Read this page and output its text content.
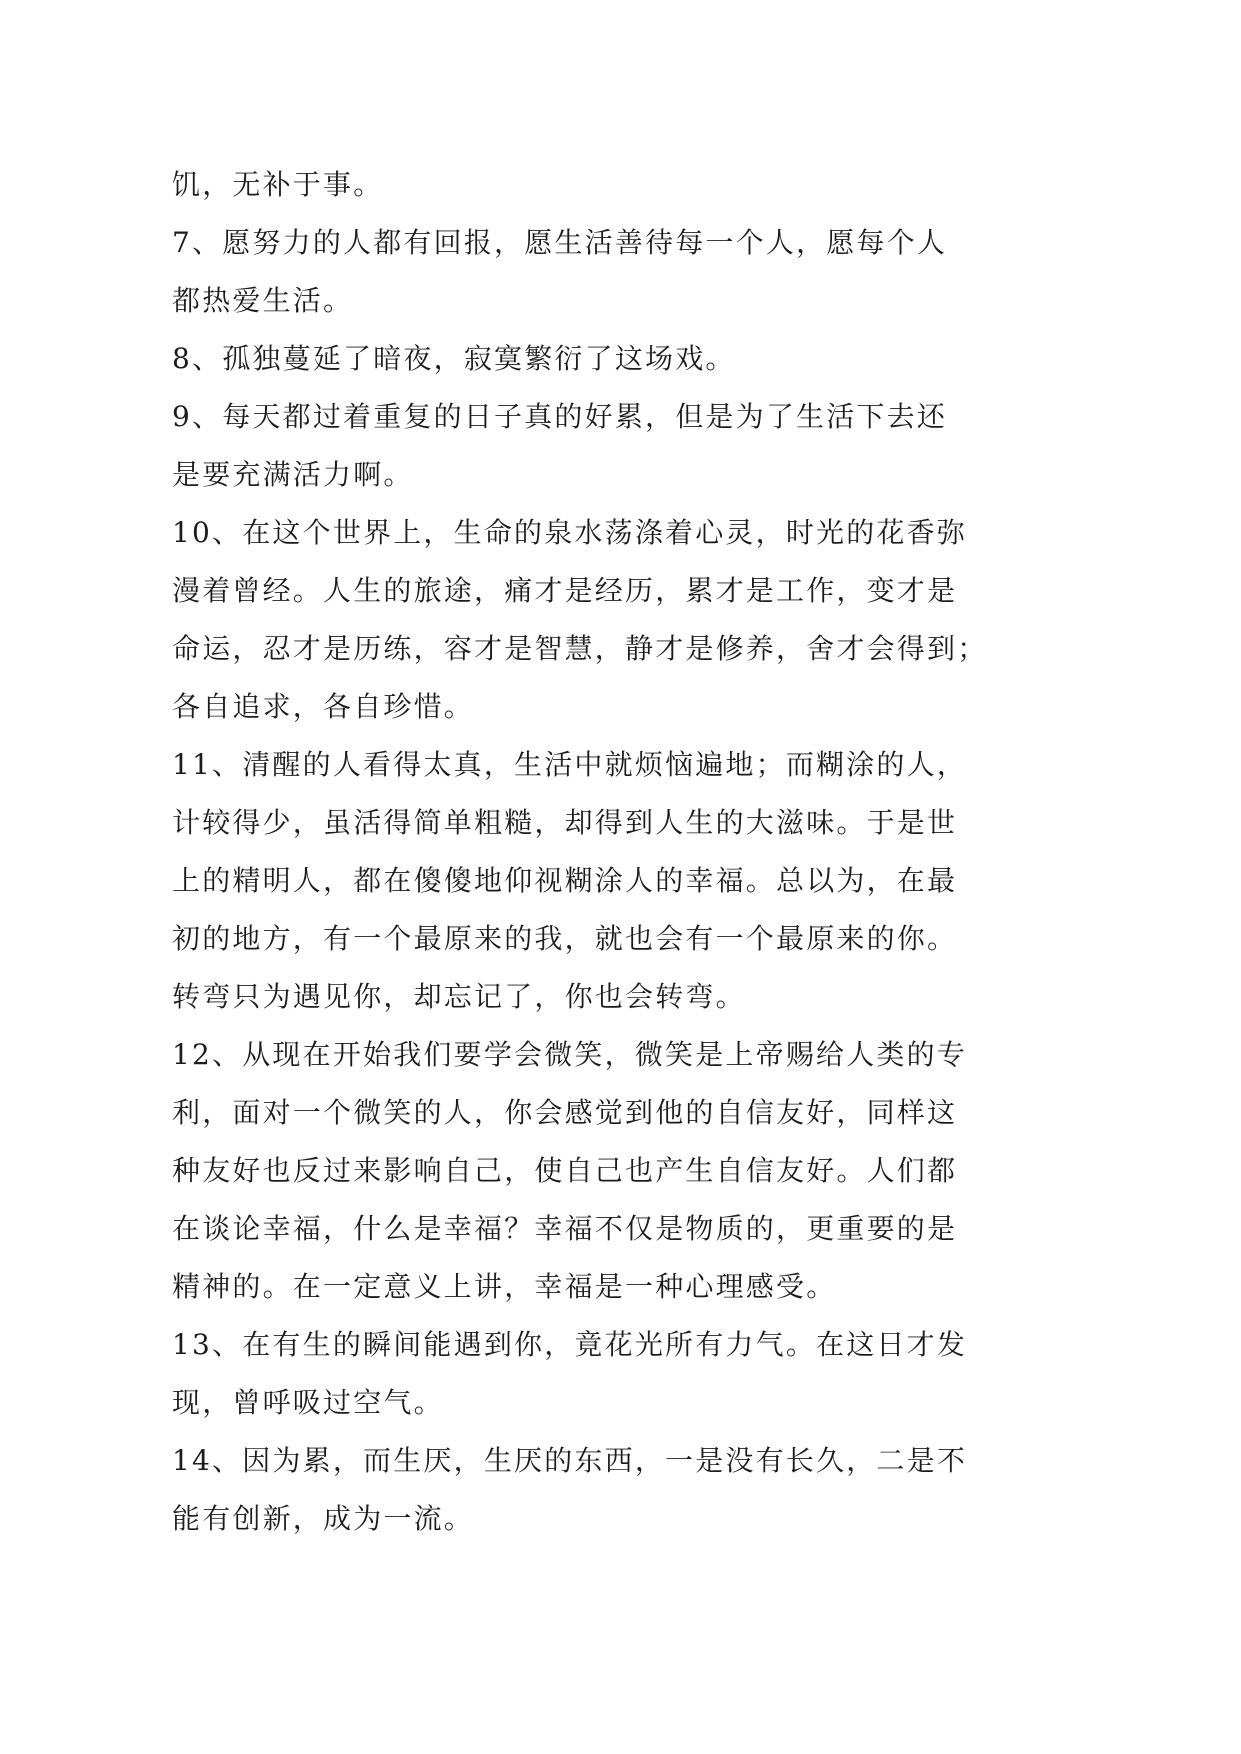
饥，无补于事。
7、愿努力的人都有回报，愿生活善待每一个人，愿每个人
都热爱生活。
8、孤独蔓延了暗夜，寂寞繁衍了这场戏。
9、每天都过着重复的日子真的好累，但是为了生活下去还
是要充满活力啊。
10、在这个世界上，生命的泉水荡涤着心灵，时光的花香弥
漫着曾经。人生的旅途，痛才是经历，累才是工作，变才是
命运，忍才是历练，容才是智慧，静才是修养，舍才会得到；
各自追求，各自珍惜。
11、清醒的人看得太真，生活中就烦恼遍地；而糊涂的人，
计较得少，虽活得简单粗糙，却得到人生的大滋味。于是世
上的精明人，都在傻傻地仰视糊涂人的幸福。总以为，在最
初的地方，有一个最原来的我，就也会有一个最原来的你。
转弯只为遇见你，却忘记了，你也会转弯。
12、从现在开始我们要学会微笑，微笑是上帝赐给人类的专
利，面对一个微笑的人，你会感觉到他的自信友好，同样这
种友好也反过来影响自己，使自己也产生自信友好。人们都
在谈论幸福，什么是幸福？幸福不仅是物质的，更重要的是
精神的。在一定意义上讲，幸福是一种心理感受。
13、在有生的瞬间能遇到你，竟花光所有力气。在这日才发
现，曾呼吸过空气。
14、因为累，而生厌，生厌的东西，一是没有长久，二是不
能有创新，成为一流。
